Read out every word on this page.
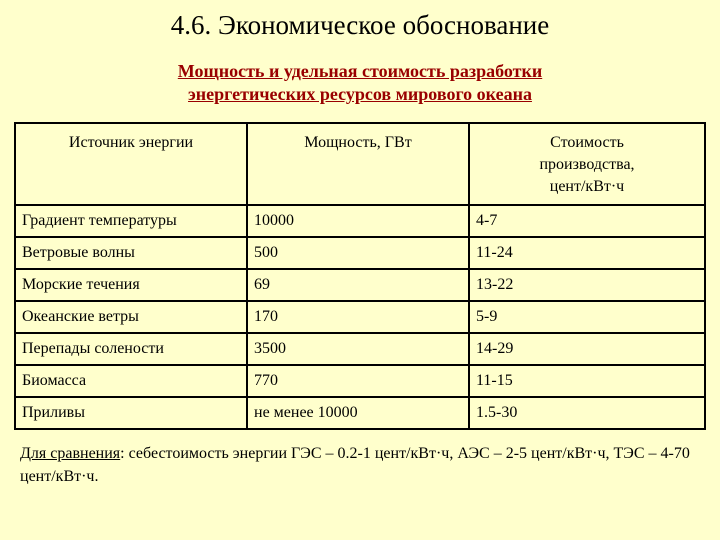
4.6. Экономическое обоснование
Мощность и удельная стоимость разработки
энергетических ресурсов мирового океана
Источник энергии	Мощность, ГВт	Стоимость
производства,
цент/кВт·ч

Градиент температуры	10000	4-7
Ветровые волны	500	11-24
Морские течения	69	13-22
Океанские ветры	170	5-9
Перепады солености	3500	14-29
Биомасса	770	11-15
Приливы	не менее 10000	1.5-30
Для сравнения: себестоимость энергии ГЭС – 0.2-1 цент/кВт·ч, АЭС – 2-5 цент/кВт·ч, ТЭС – 4-70 цент/кВт·ч.
